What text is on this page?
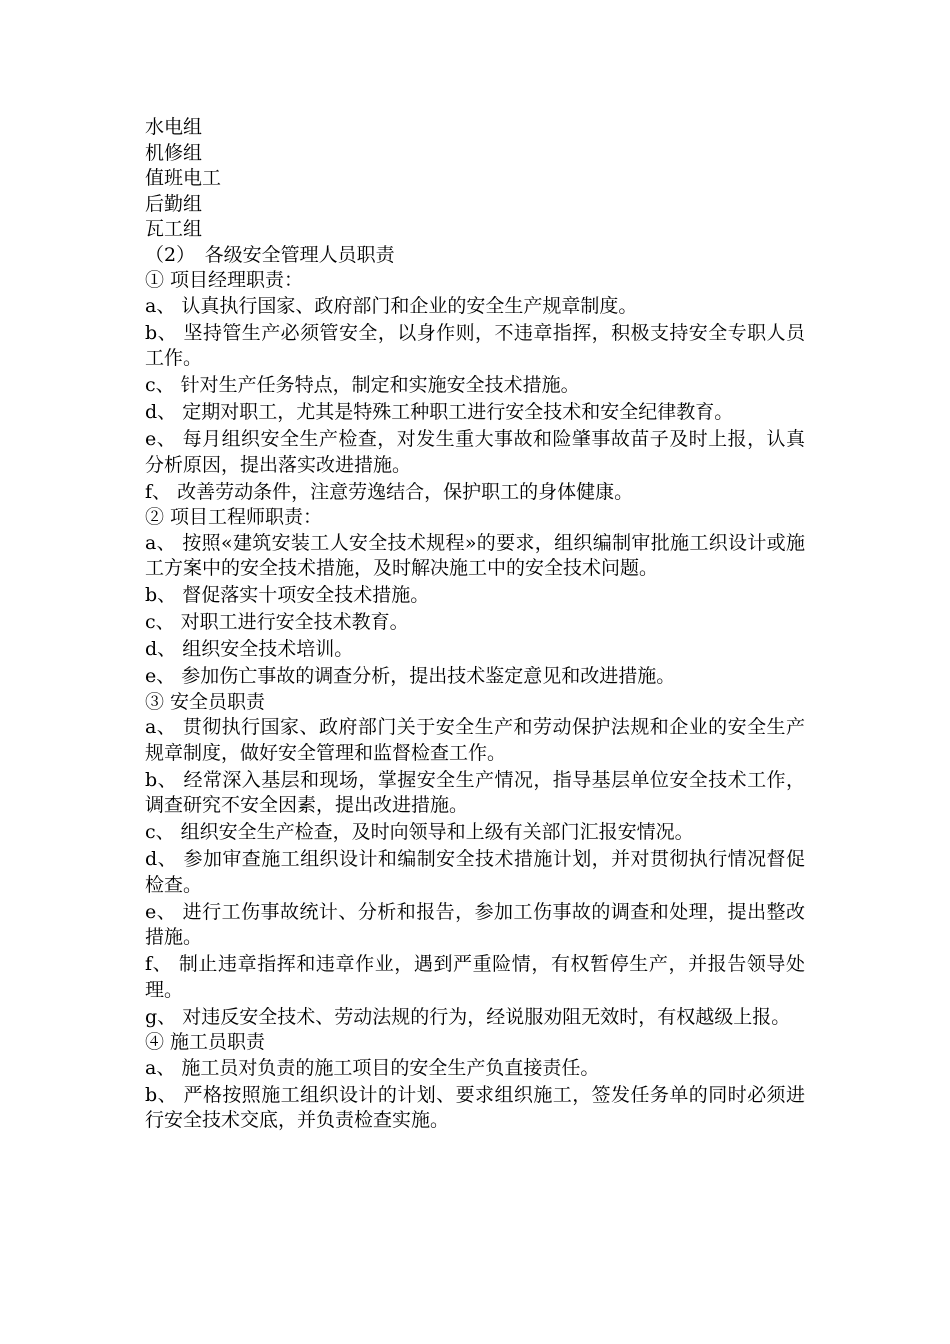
水电组

机修组

值班电工

后勤组

瓦工组

（2）　各级安全管理人员职责

① 项目经理职责：

a、 认真执行国家、政府部门和企业的安全生产规章制度。

b、 坚持管生产必须管安全，以身作则，不违章指挥，积极支持安全专职人员工作。

c、 针对生产任务特点，制定和实施安全技术措施。

d、 定期对职工，尤其是特殊工种职工进行安全技术和安全纪律教育。

e、 每月组织安全生产检查，对发生重大事故和险肇事故苗子及时上报，认真分析原因，提出落实改进措施。

f、 改善劳动条件，注意劳逸结合，保护职工的身体健康。

② 项目工程师职责：

a、 按照«建筑安装工人安全技术规程»的要求，组织编制审批施工织设计或施工方案中的安全技术措施，及时解决施工中的安全技术问题。

b、 督促落实十项安全技术措施。

c、 对职工进行安全技术教育。

d、 组织安全技术培训。

e、 参加伤亡事故的调查分析，提出技术鉴定意见和改进措施。

③ 安全员职责

a、 贯彻执行国家、政府部门关于安全生产和劳动保护法规和企业的安全生产规章制度，做好安全管理和监督检查工作。

b、 经常深入基层和现场，掌握安全生产情况，指导基层单位安全技术工作，调查研究不安全因素，提出改进措施。

c、 组织安全生产检查，及时向领导和上级有关部门汇报安情况。

d、 参加审查施工组织设计和编制安全技术措施计划，并对贯彻执行情况督促检查。

e、 进行工伤事故统计、分析和报告，参加工伤事故的调查和处理，提出整改措施。

f、 制止违章指挥和违章作业，遇到严重险情，有权暂停生产，并报告领导处理。

g、 对违反安全技术、劳动法规的行为，经说服劝阻无效时，有权越级上报。

④ 施工员职责

a、 施工员对负责的施工项目的安全生产负直接责任。

b、 严格按照施工组织设计的计划、要求组织施工，签发任务单的同时必须进行安全技术交底，并负责检查实施。
